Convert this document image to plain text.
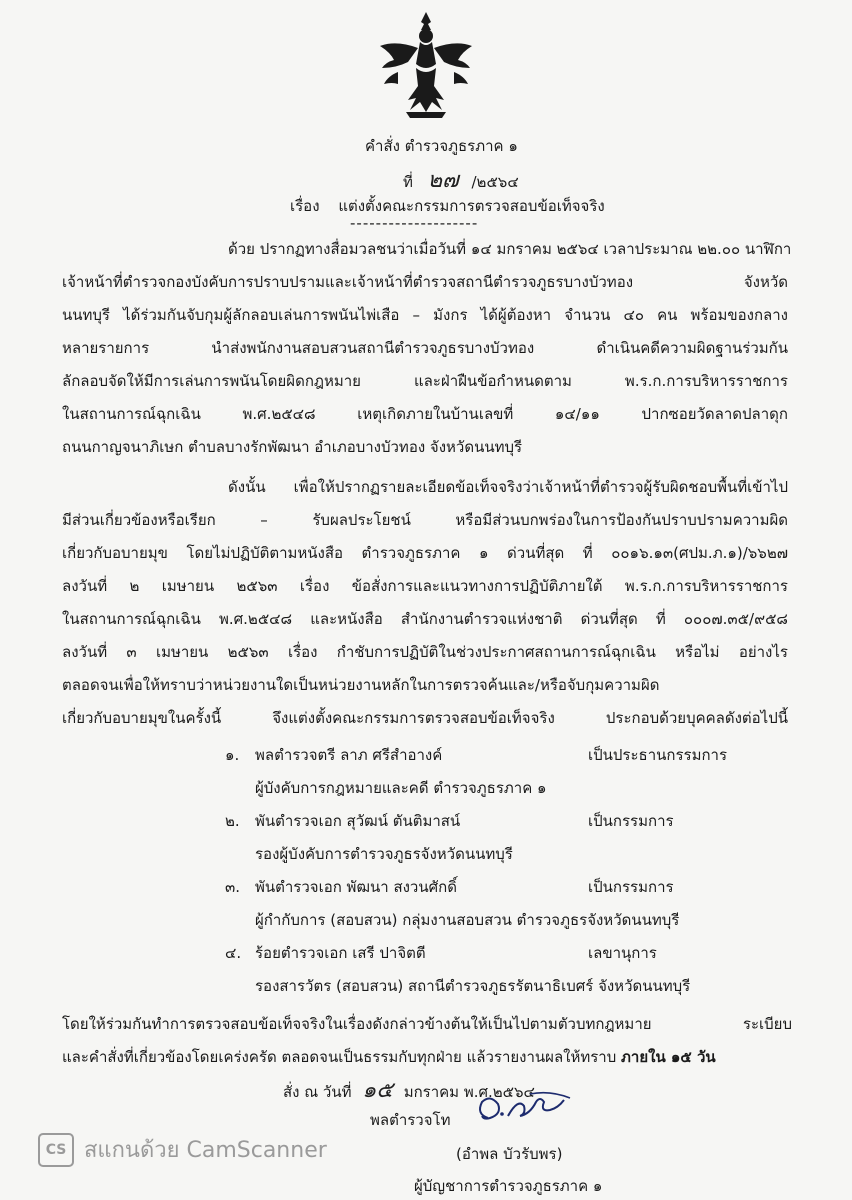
คำสั่ง ตำรวจภูธรภาค ๑
ที่ ๒๗ /๒๕๖๔
เรื่อง แต่งตั้งคณะกรรมการตรวจสอบข้อเท็จจริง
--------------------
ด้วย ปรากฏทางสื่อมวลชนว่าเมื่อวันที่ ๑๔ มกราคม ๒๕๖๔ เวลาประมาณ ๒๒.๐๐ นาฬิกา
เจ้าหน้าที่ตำรวจกองบังคับการปราบปรามและเจ้าหน้าที่ตำรวจสถานีตำรวจภูธรบางบัวทอง จังหวัด
นนทบุรี ได้ร่วมกันจับกุมผู้ลักลอบเล่นการพนันไพ่เสือ – มังกร ได้ผู้ต้องหา จำนวน ๔๐ คน พร้อมของกลาง
หลายรายการ นำส่งพนักงานสอบสวนสถานีตำรวจภูธรบางบัวทอง ดำเนินคดีความผิดฐานร่วมกัน
ลักลอบจัดให้มีการเล่นการพนันโดยผิดกฎหมาย และฝ่าฝืนข้อกำหนดตาม พ.ร.ก.การบริหารราชการ
ในสถานการณ์ฉุกเฉิน พ.ศ.๒๕๔๘ เหตุเกิดภายในบ้านเลขที่ ๑๔/๑๑ ปากซอยวัดลาดปลาดุก
ถนนกาญจนาภิเษก ตำบลบางรักพัฒนา อำเภอบางบัวทอง จังหวัดนนทบุรี
ดังนั้น เพื่อให้ปรากฏรายละเอียดข้อเท็จจริงว่าเจ้าหน้าที่ตำรวจผู้รับผิดชอบพื้นที่เข้าไป
มีส่วนเกี่ยวข้องหรือเรียก – รับผลประโยชน์ หรือมีส่วนบกพร่องในการป้องกันปราบปรามความผิด
เกี่ยวกับอบายมุข โดยไม่ปฏิบัติตามหนังสือ ตำรวจภูธรภาค ๑ ด่วนที่สุด ที่ ๐๐๑๖.๑๓(ศปม.ภ.๑)/๖๖๒๗
ลงวันที่ ๒ เมษายน ๒๕๖๓ เรื่อง ข้อสั่งการและแนวทางการปฏิบัติภายใต้ พ.ร.ก.การบริหารราชการ
ในสถานการณ์ฉุกเฉิน พ.ศ.๒๕๔๘ และหนังสือ สำนักงานตำรวจแห่งชาติ ด่วนที่สุด ที่ ๐๐๐๗.๓๕/๙๕๘
ลงวันที่ ๓ เมษายน ๒๕๖๓ เรื่อง กำชับการปฏิบัติในช่วงประกาศสถานการณ์ฉุกเฉิน หรือไม่ อย่างไร
ตลอดจนเพื่อให้ทราบว่าหน่วยงานใดเป็นหน่วยงานหลักในการตรวจค้นและ/หรือจับกุมความผิด
เกี่ยวกับอบายมุขในครั้งนี้ จึงแต่งตั้งคณะกรรมการตรวจสอบข้อเท็จจริง ประกอบด้วยบุคคลดังต่อไปนี้
๑. พลตำรวจตรี ลาภ ศรีสำอางค์	เป็นประธานกรรมการ
ผู้บังคับการกฎหมายและคดี ตำรวจภูธรภาค ๑
๒. พันตำรวจเอก สุวัฒน์ ตันติมาสน์	เป็นกรรมการ
รองผู้บังคับการตำรวจภูธรจังหวัดนนทบุรี
๓. พันตำรวจเอก พัฒนา สงวนศักดิ์	เป็นกรรมการ
ผู้กำกับการ (สอบสวน) กลุ่มงานสอบสวน ตำรวจภูธรจังหวัดนนทบุรี
๔. ร้อยตำรวจเอก เสรี ปาจิตตี	เลขานุการ
รองสารวัตร (สอบสวน) สถานีตำรวจภูธรรัตนาธิเบศร์ จังหวัดนนทบุรี
โดยให้ร่วมกันทำการตรวจสอบข้อเท็จจริงในเรื่องดังกล่าวข้างต้นให้เป็นไปตามตัวบทกฎหมาย ระเบียบ
และคำสั่งที่เกี่ยวข้องโดยเคร่งครัด ตลอดจนเป็นธรรมกับทุกฝ่าย แล้วรายงานผลให้ทราบ ภายใน ๑๕ วัน
สั่ง ณ วันที่ ๑๕ มกราคม พ.ศ.๒๕๖๔
พลตำรวจโท
(อำพล บัวรับพร)
ผู้บัญชาการตำรวจภูธรภาค ๑
CS สแกนด้วย CamScanner
